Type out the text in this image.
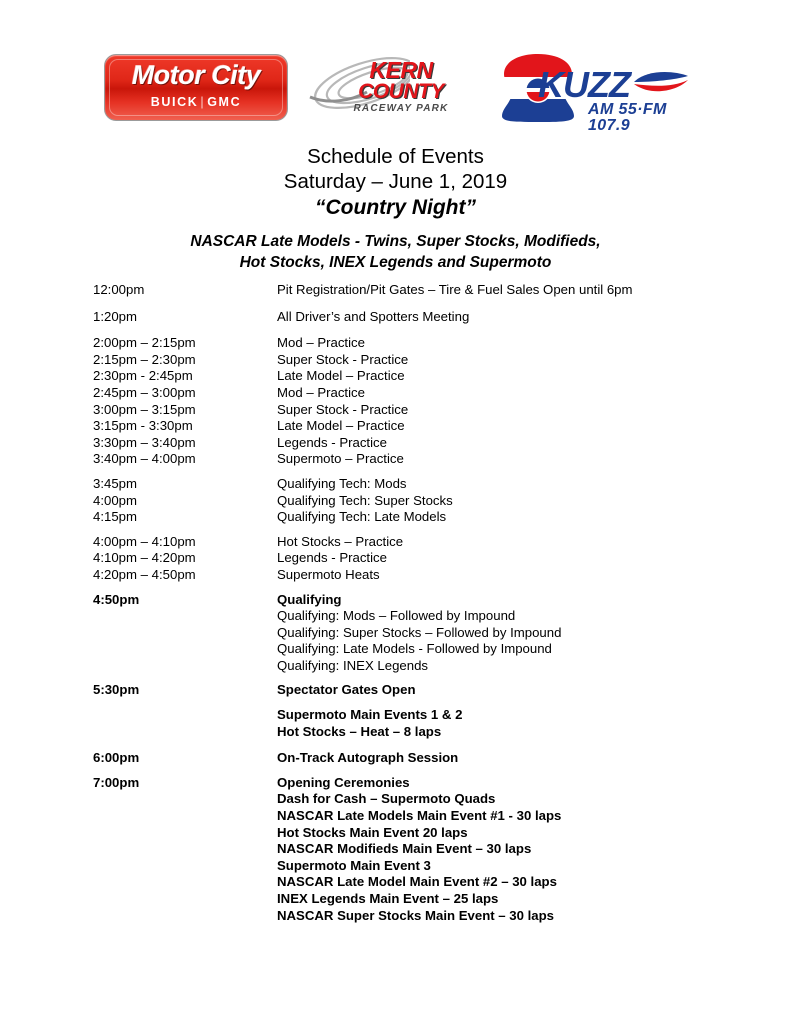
Motor City
BUICK | GMC
KERN
COUNTY
RACEWAY PARK
KUZZ
AM 55·FM 107.9
Schedule of Events
Saturday – June 1, 2019
“Country Night”
NASCAR Late Models - Twins, Super Stocks, Modifieds,
Hot Stocks, INEX Legends and Supermoto
12:00pm	Pit Registration/Pit Gates – Tire & Fuel Sales Open until 6pm
1:20pm	All Driver’s and Spotters Meeting
2:00pm – 2:15pm	Mod – Practice
2:15pm – 2:30pm	Super Stock - Practice
2:30pm - 2:45pm	Late Model – Practice
2:45pm – 3:00pm	Mod – Practice
3:00pm – 3:15pm	Super Stock - Practice
3:15pm - 3:30pm	Late Model – Practice
3:30pm – 3:40pm	Legends - Practice
3:40pm – 4:00pm	Supermoto – Practice
3:45pm	Qualifying Tech: Mods
4:00pm	Qualifying Tech: Super Stocks
4:15pm	Qualifying Tech: Late Models
4:00pm – 4:10pm	Hot Stocks – Practice
4:10pm – 4:20pm	Legends - Practice
4:20pm – 4:50pm	Supermoto Heats
4:50pm	Qualifying
Qualifying: Mods – Followed by Impound
Qualifying: Super Stocks – Followed by Impound
Qualifying: Late Models - Followed by Impound
Qualifying: INEX Legends
5:30pm	Spectator Gates Open
Supermoto Main Events 1 & 2
Hot Stocks – Heat – 8 laps
6:00pm	On-Track Autograph Session
7:00pm	Opening Ceremonies
Dash for Cash – Supermoto Quads
NASCAR Late Models Main Event #1 - 30 laps
Hot Stocks Main Event 20 laps
NASCAR Modifieds Main Event – 30 laps
Supermoto Main Event 3
NASCAR Late Model Main Event #2 – 30 laps
INEX Legends Main Event – 25 laps
NASCAR Super Stocks Main Event – 30 laps
